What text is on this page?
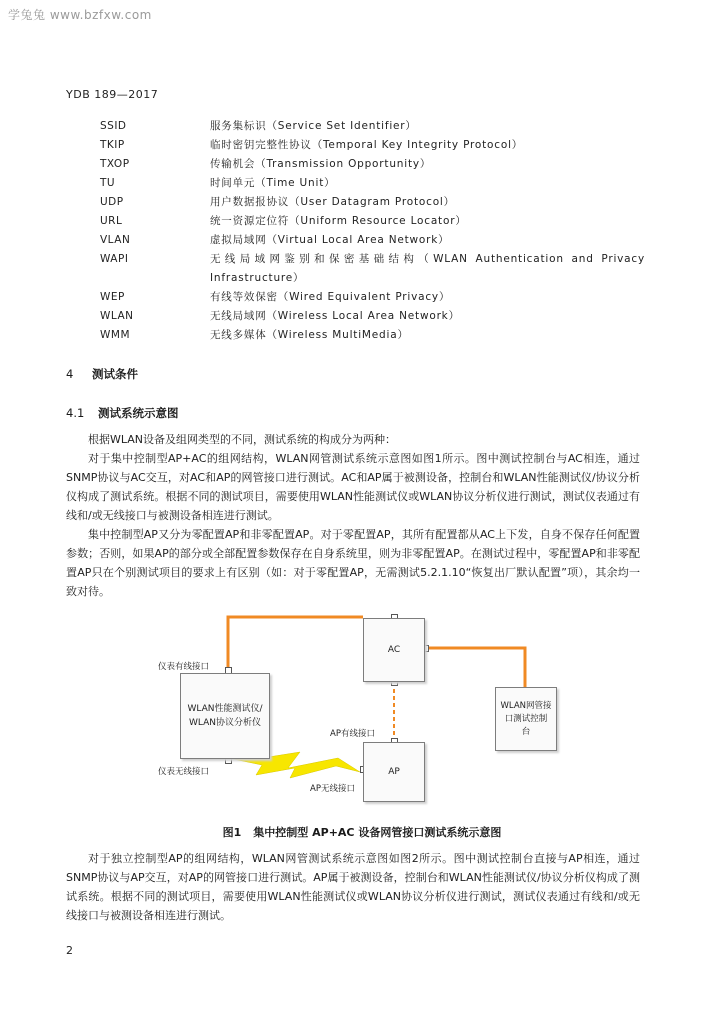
学兔兔 www.bzfxw.com
YDB 189—2017
SSID	服务集标识（Service Set Identifier）
TKIP	临时密钥完整性协议（Temporal Key Integrity Protocol）
TXOP	传输机会（Transmission Opportunity）
TU	时间单元（Time Unit）
UDP	用户数据报协议（User Datagram Protocol）
URL	统一资源定位符（Uniform Resource Locator）
VLAN	虚拟局域网（Virtual Local Area Network）
WAPI	无线局域网鉴别和保密基础结构（WLAN Authentication and Privacy Infrastructure）
WEP	有线等效保密（Wired Equivalent Privacy）
WLAN	无线局域网（Wireless Local Area Network）
WMM	无线多媒体（Wireless MultiMedia）
4 测试条件
4.1 测试系统示意图

根据WLAN设备及组网类型的不同，测试系统的构成分为两种：

对于集中控制型AP+AC的组网结构，WLAN网管测试系统示意图如图1所示。图中测试控制台与AC相连，通过SNMP协议与AC交互，对AC和AP的网管接口进行测试。AC和AP属于被测设备，控制台和WLAN性能测试仪/协议分析仪构成了测试系统。根据不同的测试项目，需要使用WLAN性能测试仪或WLAN协议分析仪进行测试，测试仪表通过有线和/或无线接口与被测设备相连进行测试。

集中控制型AP又分为零配置AP和非零配置AP。对于零配置AP，其所有配置都从AC上下发，自身不保存任何配置参数；否则，如果AP的部分或全部配置参数保存在自身系统里，则为非零配置AP。在测试过程中，零配置AP和非零配置AP只在个别测试项目的要求上有区别（如：对于零配置AP，无需测试5.2.1.10“恢复出厂默认配置”项），其余均一致对待。

AC
AP
WLAN性能测试仪/
WLAN协议分析仪
WLAN网管接
口测试控制
台
仪表有线接口
仪表无线接口
AP有线接口
AP无线接口
图1 集中控制型 AP+AC 设备网管接口测试系统示意图

对于独立控制型AP的组网结构，WLAN网管测试系统示意图如图2所示。图中测试控制台直接与AP相连，通过SNMP协议与AP交互，对AP的网管接口进行测试。AP属于被测设备，控制台和WLAN性能测试仪/协议分析仪构成了测试系统。根据不同的测试项目，需要使用WLAN性能测试仪或WLAN协议分析仪进行测试，测试仪表通过有线和/或无线接口与被测设备相连进行测试。

2
